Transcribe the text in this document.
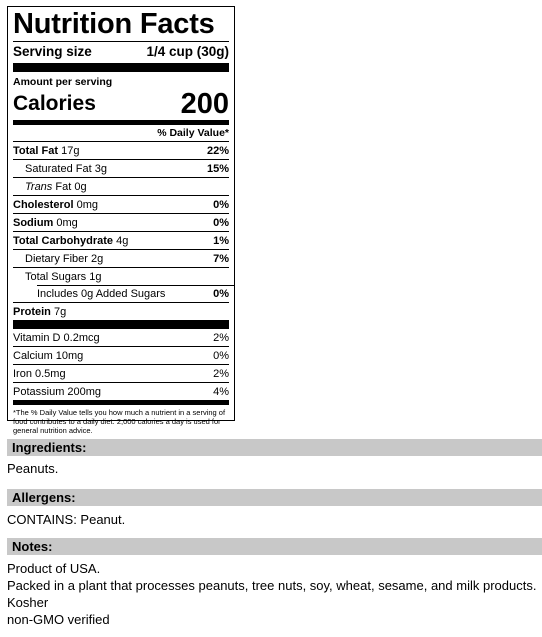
Nutrition Facts
Serving size	1/4 cup (30g)
Amount per serving
Calories	200
% Daily Value*
Total Fat 17g	22%
Saturated Fat 3g	15%
Trans Fat 0g
Cholesterol 0mg	0%
Sodium 0mg	0%
Total Carbohydrate 4g	1%
Dietary Fiber 2g	7%
Total Sugars 1g
Includes 0g Added Sugars	0%
Protein 7g
Vitamin D 0.2mcg	2%
Calcium 10mg	0%
Iron 0.5mg	2%
Potassium 200mg	4%
*The % Daily Value tells you how much a nutrient in a serving of food contributes to a daily diet. 2,000 calories a day is used for general nutrition advice.
Ingredients:
Peanuts.
Allergens:
CONTAINS: Peanut.
Notes:
Product of USA.
Packed in a plant that processes peanuts, tree nuts, soy, wheat, sesame, and milk products.
Kosher
non-GMO verified
